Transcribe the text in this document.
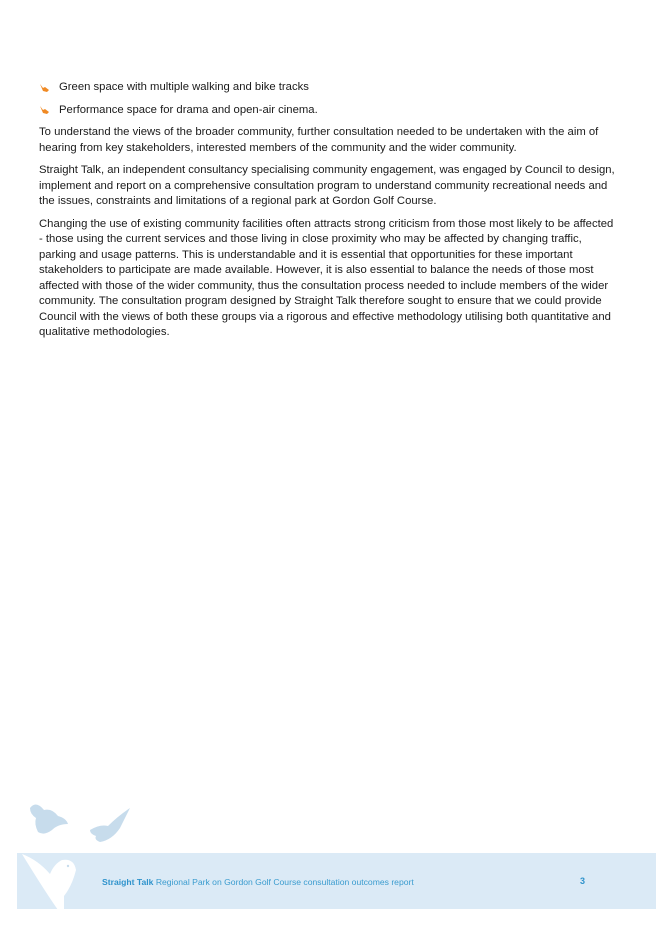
Green space with multiple walking and bike tracks
Performance space for drama and open-air cinema.

To understand the views of the broader community, further consultation needed to be undertaken with the aim of hearing from key stakeholders, interested members of the community and the wider community.

Straight Talk, an independent consultancy specialising community engagement, was engaged by Council to design, implement and report on a comprehensive consultation program to understand community recreational needs and the issues, constraints and limitations of a regional park at Gordon Golf Course.

Changing the use of existing community facilities often attracts strong criticism from those most likely to be affected - those using the current services and those living in close proximity who may be affected by changing traffic, parking and usage patterns. This is understandable and it is essential that opportunities for these important stakeholders to participate are made available. However, it is also essential to balance the needs of those most affected with those of the wider community, thus the consultation process needed to include members of the wider community. The consultation program designed by Straight Talk therefore sought to ensure that we could provide Council with the views of both these groups via a rigorous and effective methodology utilising both quantitative and qualitative methodologies.

Straight Talk Regional Park on Gordon Golf Course consultation outcomes report	3
